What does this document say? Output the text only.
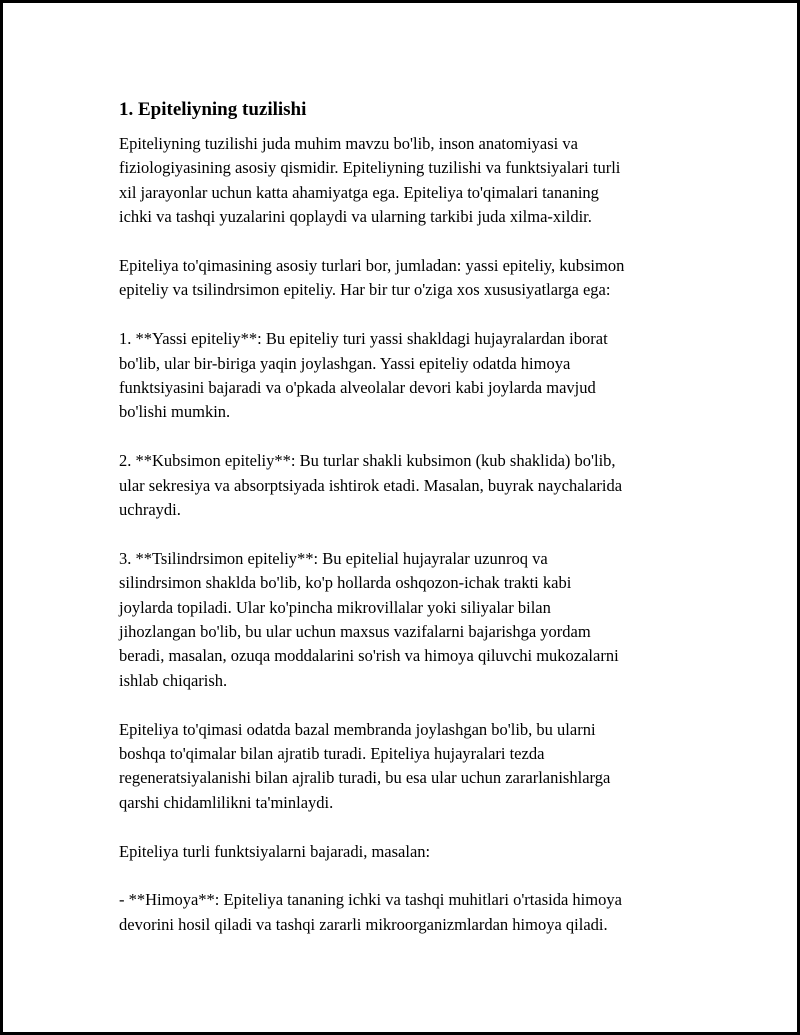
1. Epiteliyning tuzilishi

Epiteliyning tuzilishi juda muhim mavzu bo'lib, inson anatomiyasi va
fiziologiyasining asosiy qismidir. Epiteliyning tuzilishi va funktsiyalari turli
xil jarayonlar uchun katta ahamiyatga ega. Epiteliya to'qimalari tananing
ichki va tashqi yuzalarini qoplaydi va ularning tarkibi juda xilma-xildir.

Epiteliya to'qimasining asosiy turlari bor, jumladan: yassi epiteliy, kubsimon
epiteliy va tsilindrsimon epiteliy. Har bir tur o'ziga xos xususiyatlarga ega:

1. **Yassi epiteliy**: Bu epiteliy turi yassi shakldagi hujayralardan iborat
bo'lib, ular bir-biriga yaqin joylashgan. Yassi epiteliy odatda himoya
funktsiyasini bajaradi va o'pkada alveolalar devori kabi joylarda mavjud
bo'lishi mumkin.

2. **Kubsimon epiteliy**: Bu turlar shakli kubsimon (kub shaklida) bo'lib,
ular sekresiya va absorptsiyada ishtirok etadi. Masalan, buyrak naychalarida
uchraydi.

3. **Tsilindrsimon epiteliy**: Bu epitelial hujayralar uzunroq va
silindrsimon shaklda bo'lib, ko'p hollarda oshqozon-ichak trakti kabi
joylarda topiladi. Ular ko'pincha mikrovillalar yoki siliyalar bilan
jihozlangan bo'lib, bu ular uchun maxsus vazifalarni bajarishga yordam
beradi, masalan, ozuqa moddalarini so'rish va himoya qiluvchi mukozalarni
ishlab chiqarish.

Epiteliya to'qimasi odatda bazal membranda joylashgan bo'lib, bu ularni
boshqa to'qimalar bilan ajratib turadi. Epiteliya hujayralari tezda
regeneratsiyalanishi bilan ajralib turadi, bu esa ular uchun zararlanishlarga
qarshi chidamlilikni ta'minlaydi.

Epiteliya turli funktsiyalarni bajaradi, masalan:

- **Himoya**: Epiteliya tananing ichki va tashqi muhitlari o'rtasida himoya
devorini hosil qiladi va tashqi zararli mikroorganizmlardan himoya qiladi.
